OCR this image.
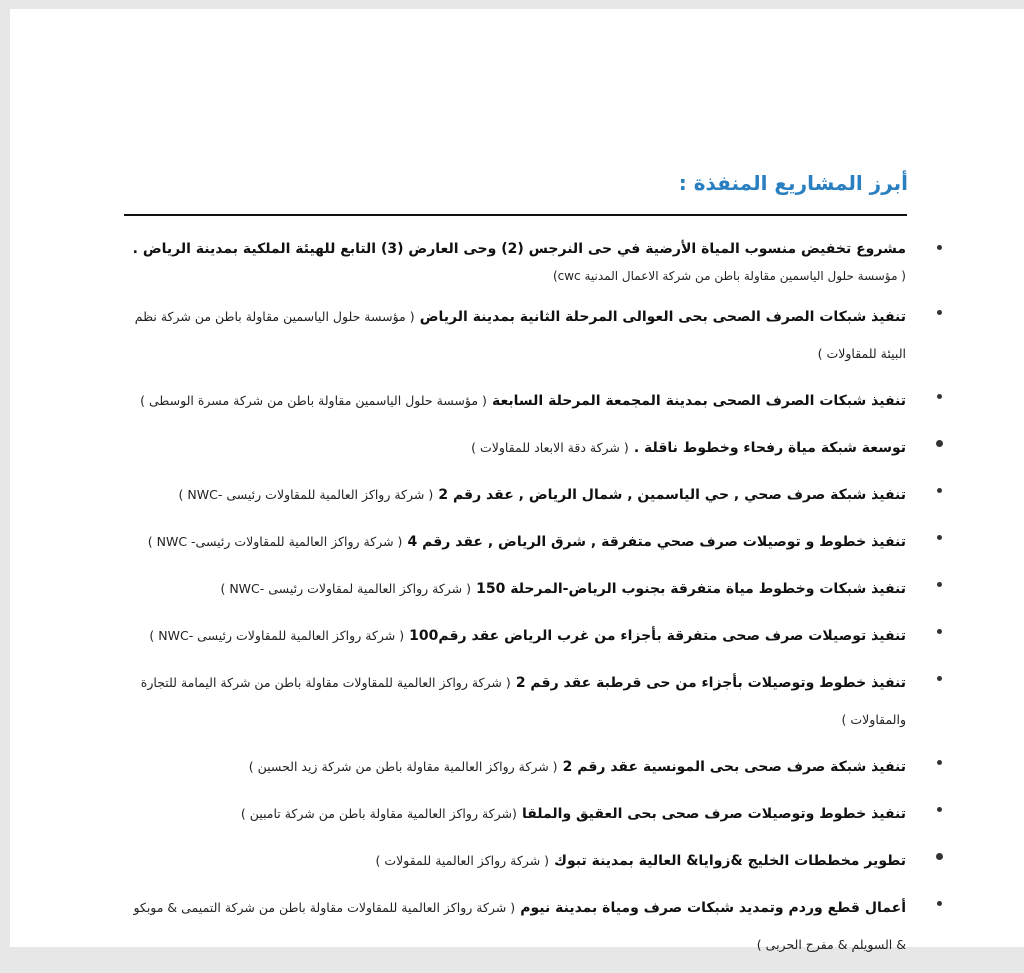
أبرز المشاريع المنفذة :
مشروع تخفيض منسوب المياة الأرضية في حى النرجس (2) وحى العارض (3) التابع للهيئة الملكية بمدينة الرياض .
( مؤسسة حلول الياسمين مقاولة باطن من شركة الاعمال المدنية cwc)
تنفيذ شبكات الصرف الصحى بحى العوالى المرحلة الثانية بمدينة الرياض ( مؤسسة حلول الياسمين مقاولة باطن من شركة نظم البيئة للمقاولات )
تنفيذ شبكات الصرف الصحى بمدينة المجمعة المرحلة السابعة ( مؤسسة حلول الياسمين مقاولة باطن من شركة مسرة الوسطى )
توسعة شبكة مياة رفحاء وخطوط ناقلة . ( شركة دقة الابعاد للمقاولات )
تنفيذ شبكة صرف صحي , حي الياسمين , شمال الرياض , عقد رقم 2 ( شركة رواكز العالمية للمقاولات رئيسى -NWC )
تنفيذ خطوط و توصيلات صرف صحي متفرقة , شرق الرياض , عقد رقم 4 ( شركة رواكز العالمية للمقاولات رئيسى- NWC )
تنفيذ شبكات وخطوط مياة متفرقة بجنوب الرياض-المرحلة 150 ( شركة رواكز العالمية لمقاولات رئيسى -NWC )
تنفيذ توصيلات صرف صحى متفرقة بأجزاء من غرب الرياض عقد رقم100 ( شركة رواكز العالمية للمقاولات رئيسى -NWC )
تنفيذ خطوط وتوصيلات بأجزاء من حى قرطبة عقد رقم 2 ( شركة رواكز العالمية للمقاولات مقاولة باطن من شركة اليمامة للتجارة والمقاولات )
تنفيذ شبكة صرف صحى بحى المونسية عقد رقم 2 ( شركة رواكز العالمية مقاولة باطن من شركة زيد الحسين )
تنفيذ خطوط وتوصيلات صرف صحى بحى العقيق والملقا (شركة رواكز العالمية مقاولة باطن من شركة تامبين )
تطوير مخططات الخليج &زوايا& العالية بمدينة تبوك ( شركة رواكز العالمية للمقولات )
أعمال قطع وردم وتمديد شبكات صرف ومياة بمدينة نيوم ( شركة رواكز العالمية للمقاولات مقاولة باطن من شركة التميمى & موبكو & السويلم & مفرح الحربى )
